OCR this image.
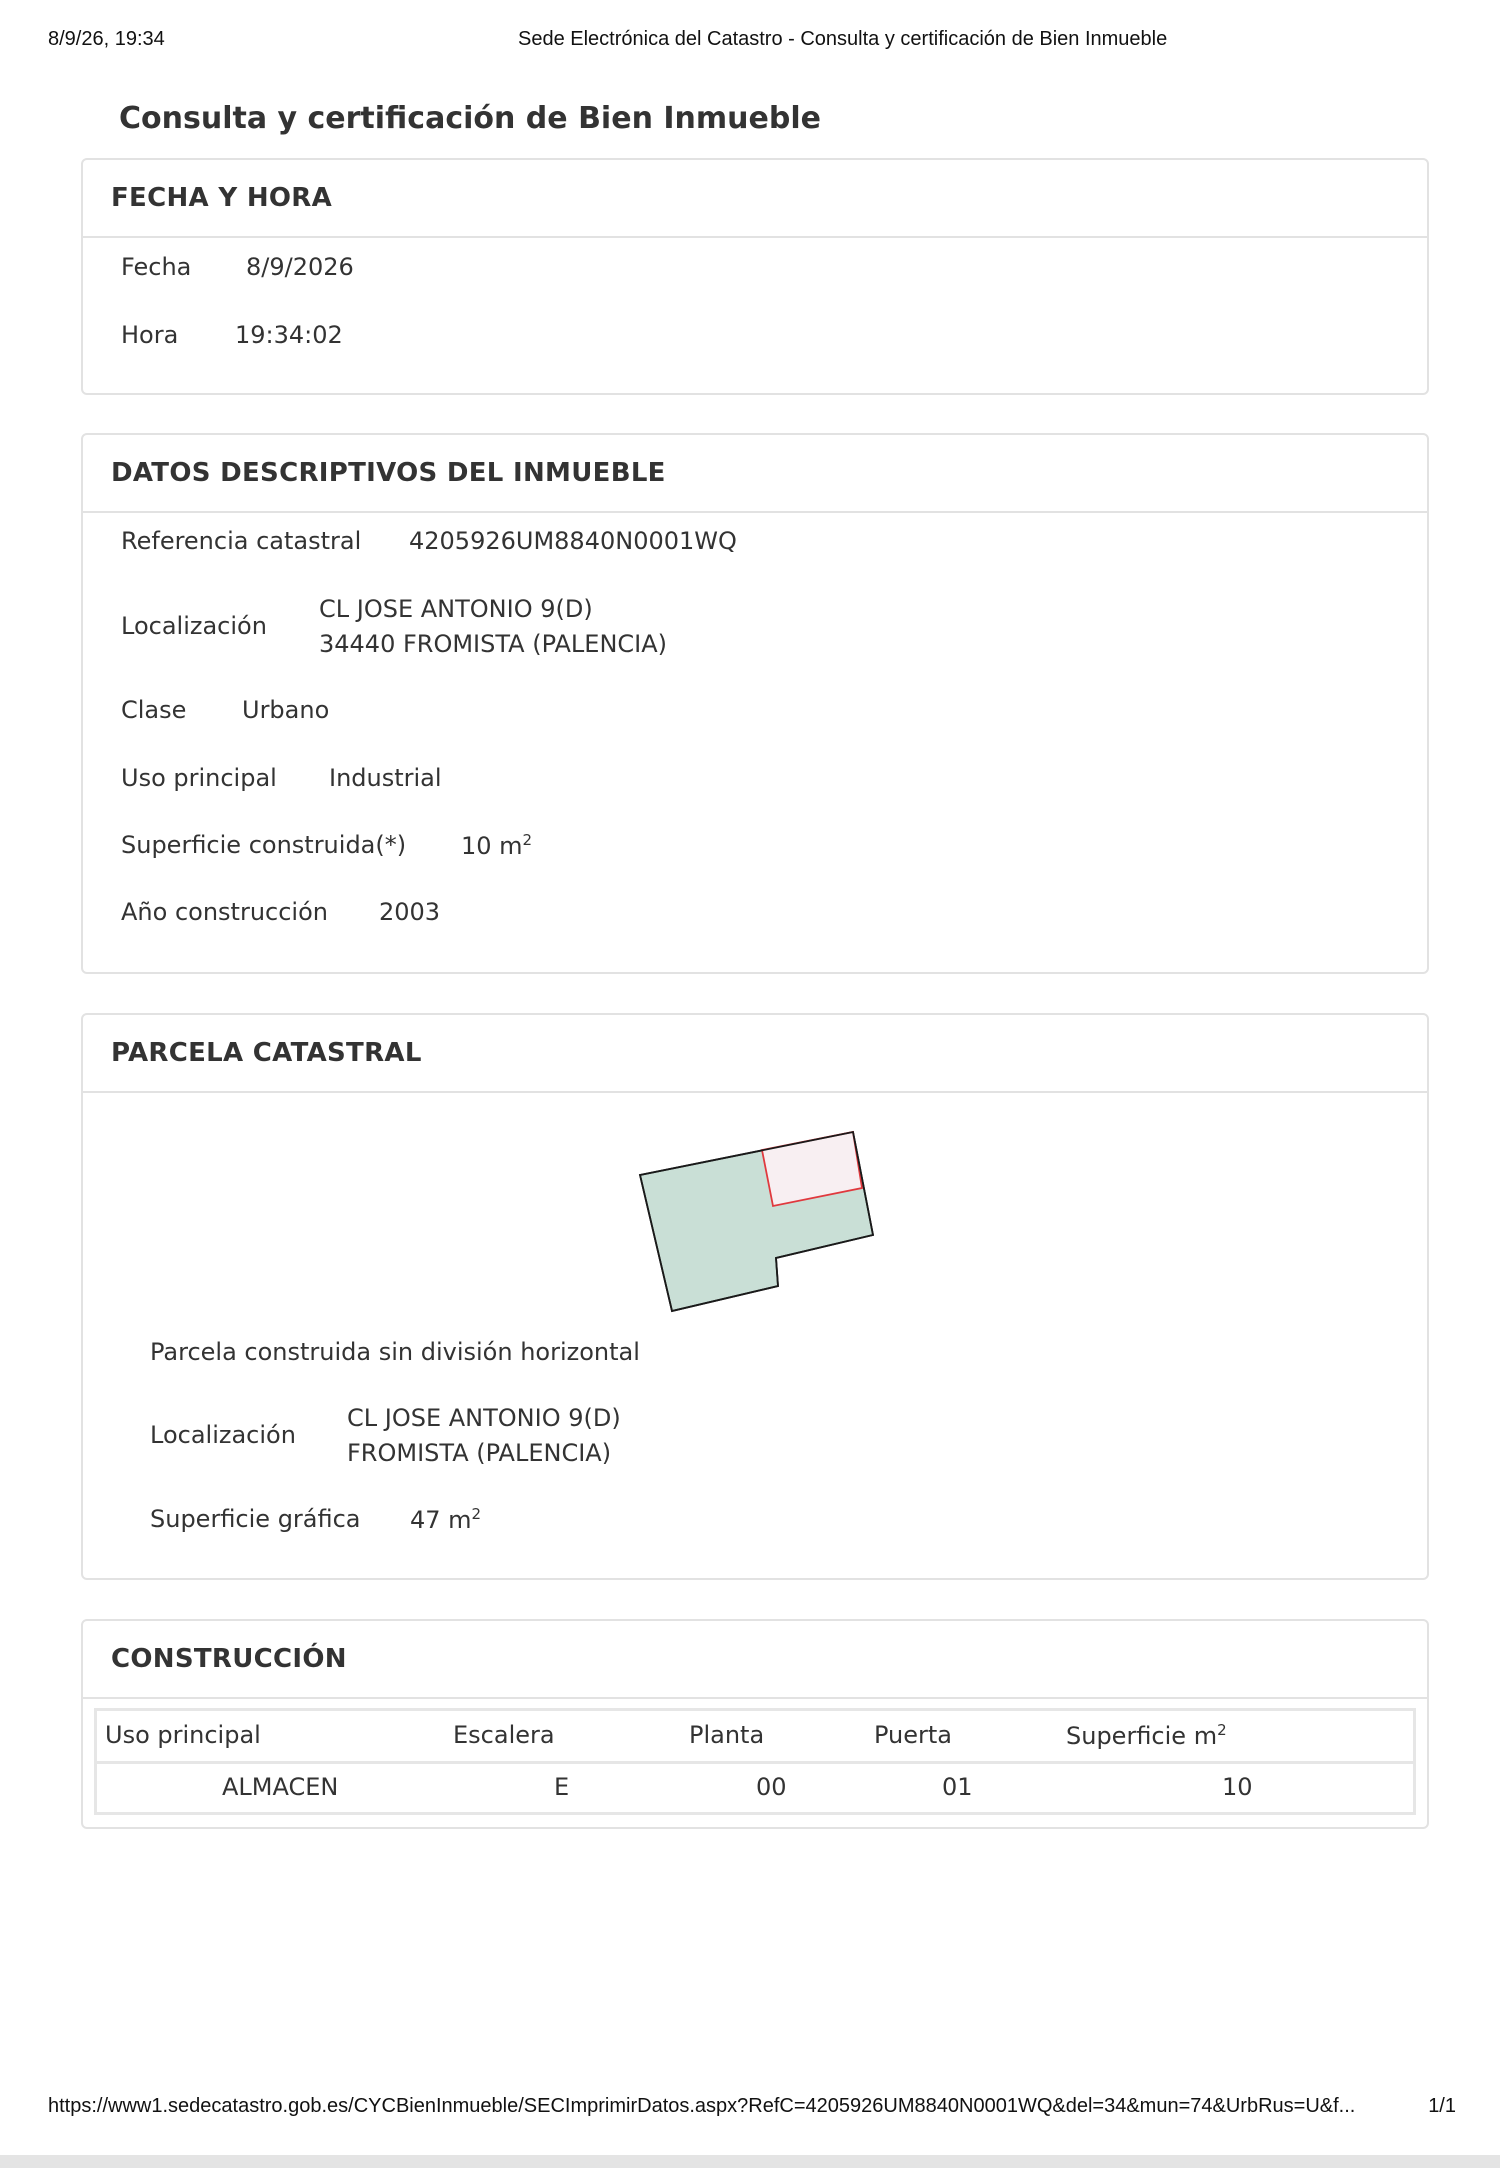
8/9/26, 19:34	Sede Electrónica del Catastro - Consulta y certificación de Bien Inmueble
Consulta y certificación de Bien Inmueble
FECHA Y HORA
Fecha 8/9/2026
Hora 19:34:02
DATOS DESCRIPTIVOS DEL INMUEBLE
Referencia catastral 4205926UM8840N0001WQ
Localización
CL JOSE ANTONIO 9(D)
34440 FROMISTA (PALENCIA)
Clase Urbano
Uso principal Industrial
Superficie construida(*) 10 $m^2$
Año construcción 2003
PARCELA CATASTRAL
Parcela construida sin división horizontal
Localización
CL JOSE ANTONIO 9(D)
FROMISTA (PALENCIA)
Superficie gráfica 47 $m^2$
CONSTRUCCIÓN
Uso principal	Escalera	Planta	Puerta	Superficie $m^2$
ALMACEN	E	00	01	10
https://www1.sedecatastro.gob.es/CYCBienInmueble/SECImprimirDatos.aspx?RefC=4205926UM8840N0001WQ&del=34&mun=74&UrbRus=U&f...	1/1
